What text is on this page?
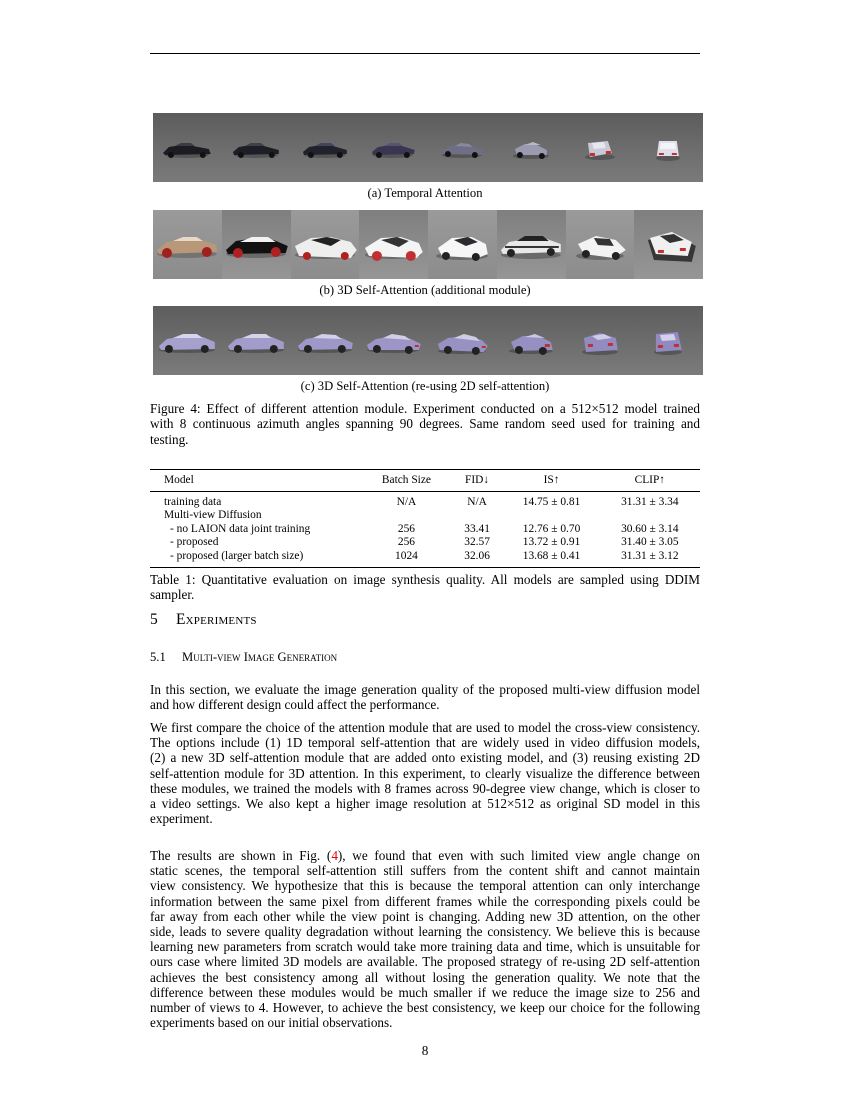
(a) Temporal Attention
(b) 3D Self-Attention (additional module)
(c) 3D Self-Attention (re-using 2D self-attention)
Figure 4: Effect of different attention module. Experiment conducted on a 512×512 model trained
with 8 continuous azimuth angles spanning 90 degrees. Same random seed used for training and
testing.
Model	Batch Size	FID↓	IS↑	CLIP↑
training data	N/A	N/A	14.75 ± 0.81	31.31 ± 3.34
Multi-view Diffusion				
- no LAION data joint training	256	33.41	12.76 ± 0.70	30.60 ± 3.14
- proposed	256	32.57	13.72 ± 0.91	31.40 ± 3.05
- proposed (larger batch size)	1024	32.06	13.68 ± 0.41	31.31 ± 3.12

Table 1: Quantitative evaluation on image synthesis quality. All models are sampled using DDIM
sampler.
5 Experiments
5.1 Multi-view Image Generation
In this section, we evaluate the image generation quality of the proposed multi-view diffusion model
and how different design could affect the performance.
We first compare the choice of the attention module that are used to model the cross-view consistency.
The options include (1) 1D temporal self-attention that are widely used in video diffusion models,
(2) a new 3D self-attention module that are added onto existing model, and (3) reusing existing 2D
self-attention module for 3D attention. In this experiment, to clearly visualize the difference between
these modules, we trained the models with 8 frames across 90-degree view change, which is closer to
a video settings. We also kept a higher image resolution at 512×512 as original SD model in this
experiment.
The results are shown in Fig. (4), we found that even with such limited view angle change on
static scenes, the temporal self-attention still suffers from the content shift and cannot maintain
view consistency. We hypothesize that this is because the temporal attention can only interchange
information between the same pixel from different frames while the corresponding pixels could be
far away from each other while the view point is changing. Adding new 3D attention, on the other
side, leads to severe quality degradation without learning the consistency. We believe this is because
learning new parameters from scratch would take more training data and time, which is unsuitable for
ours case where limited 3D models are available. The proposed strategy of re-using 2D self-attention
achieves the best consistency among all without losing the generation quality. We note that the
difference between these modules would be much smaller if we reduce the image size to 256 and
number of views to 4. However, to achieve the best consistency, we keep our choice for the following
experiments based on our initial observations.
8
